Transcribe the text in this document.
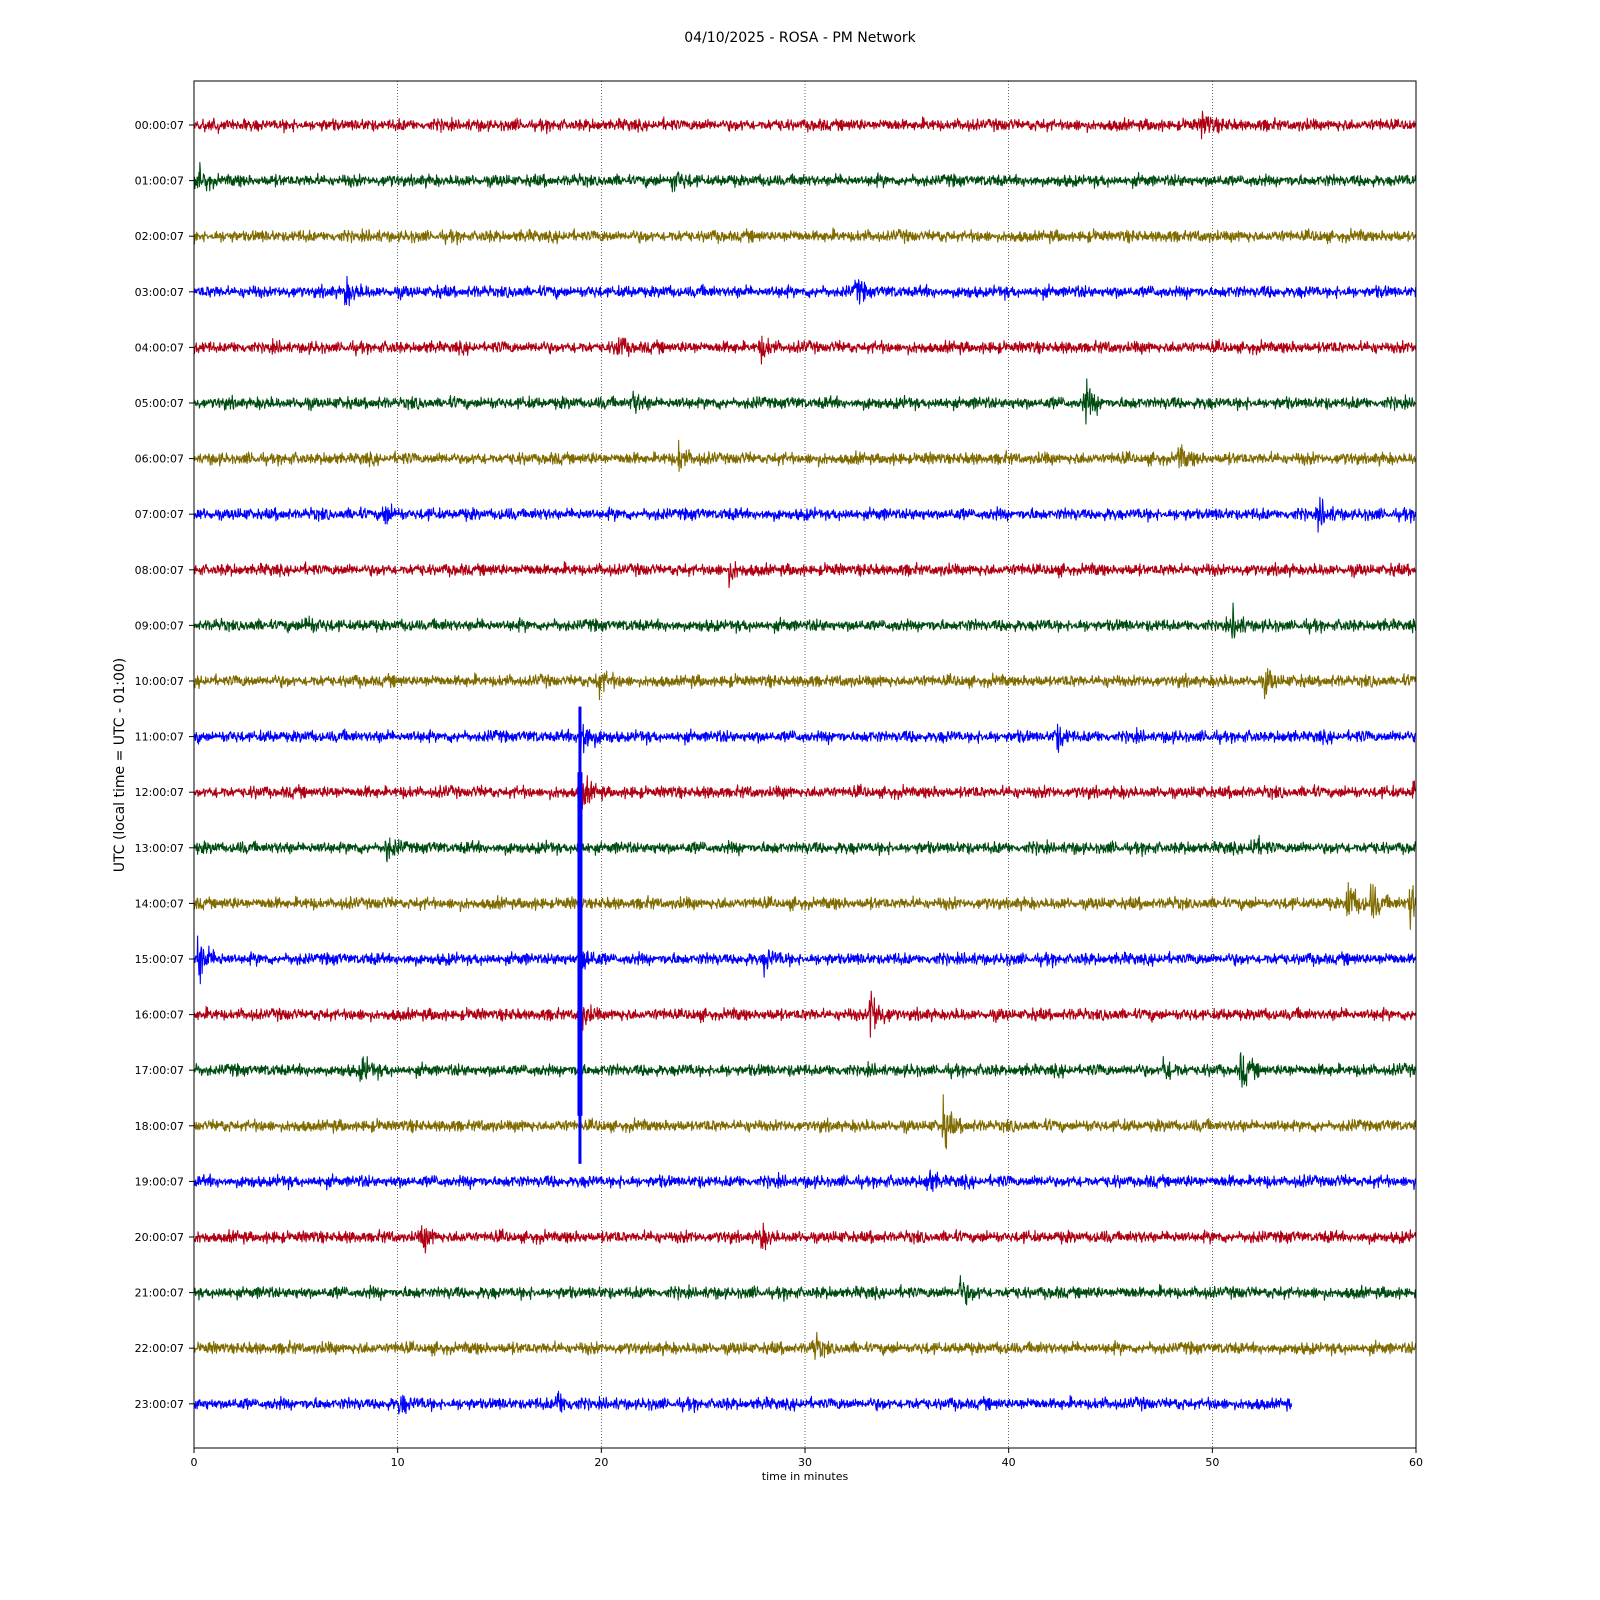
04/10/2025 - ROSA - PM Network
0	10	20	30	40	50	60
00:00:07
01:00:07
02:00:07
03:00:07
04:00:07
05:00:07
06:00:07
07:00:07
08:00:07
09:00:07
10:00:07
11:00:07
12:00:07
13:00:07
14:00:07
15:00:07
16:00:07
17:00:07
18:00:07
19:00:07
20:00:07
21:00:07
22:00:07
23:00:07
time in minutes
UTC (local time = UTC - 01:00)
